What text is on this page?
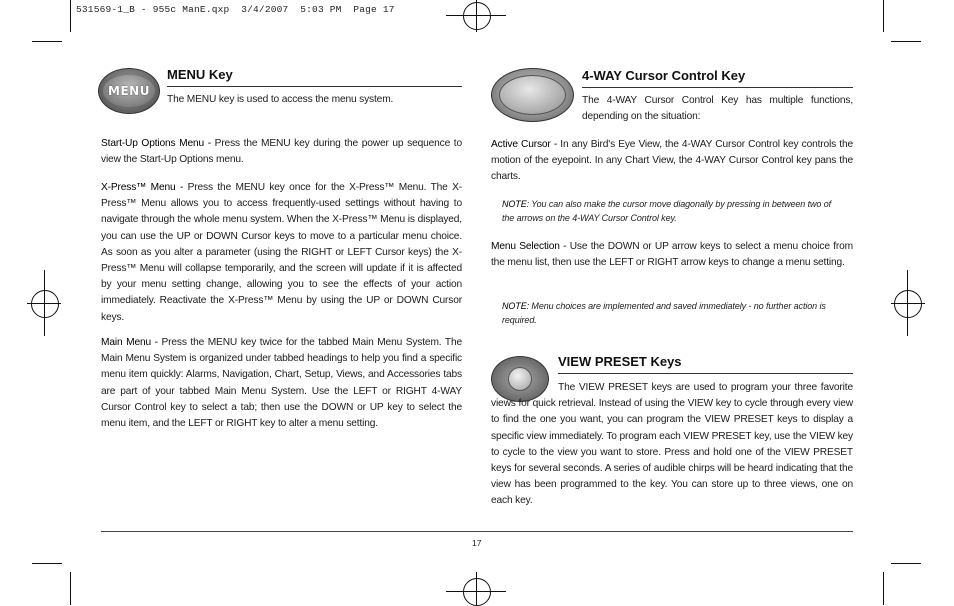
531569-1_B - 955c ManE.qxp  3/4/2007  5:03 PM  Page 17
MENU
MENU Key
The MENU key is used to access the menu system.
Start-Up Options Menu - Press the MENU key during the power up sequence to view the Start-Up Options menu.
X-Press™ Menu - Press the MENU key once for the X-Press™ Menu. The X-Press™ Menu allows you to access frequently-used settings without having to navigate through the whole menu system. When the X-Press™ Menu is displayed, you can use the UP or DOWN Cursor keys to move to a particular menu choice. As soon as you alter a parameter (using the RIGHT or LEFT Cursor keys) the X-Press™ Menu will collapse temporarily, and the screen will update if it is affected by your menu setting change, allowing you to see the effects of your action immediately. Reactivate the X-Press™ Menu by using the UP or DOWN Cursor keys.
Main Menu - Press the MENU key twice for the tabbed Main Menu System. The Main Menu System is organized under tabbed headings to help you find a specific menu item quickly: Alarms, Navigation, Chart, Setup, Views, and Accessories tabs are part of your tabbed Main Menu System. Use the LEFT or RIGHT 4-WAY Cursor Control key to select a tab; then use the DOWN or UP key to select the menu item, and the LEFT or RIGHT key to alter a menu setting.
4-WAY Cursor Control Key
The 4-WAY Cursor Control Key has multiple functions, depending on the situation:
Active Cursor - In any Bird's Eye View, the 4-WAY Cursor Control key controls the motion of the eyepoint. In any Chart View, the 4-WAY Cursor Control key pans the charts.
NOTE: You can also make the cursor move diagonally by pressing in between two of the arrows on the 4-WAY Cursor Control key.
Menu Selection - Use the DOWN or UP arrow keys to select a menu choice from the menu list, then use the LEFT or RIGHT arrow keys to change a menu setting.
NOTE: Menu choices are implemented and saved immediately - no further action is required.
VIEW PRESET Keys
The VIEW PRESET keys are used to program your three favorite views for quick retrieval. Instead of using the VIEW key to cycle through every view to find the one you want, you can program the VIEW PRESET keys to display a specific view immediately. To program each VIEW PRESET key, use the VIEW key to cycle to the view you want to store. Press and hold one of the VIEW PRESET keys for several seconds. A series of audible chirps will be heard indicating that the view has been programmed to the key. You can store up to three views, one on each key.
17
